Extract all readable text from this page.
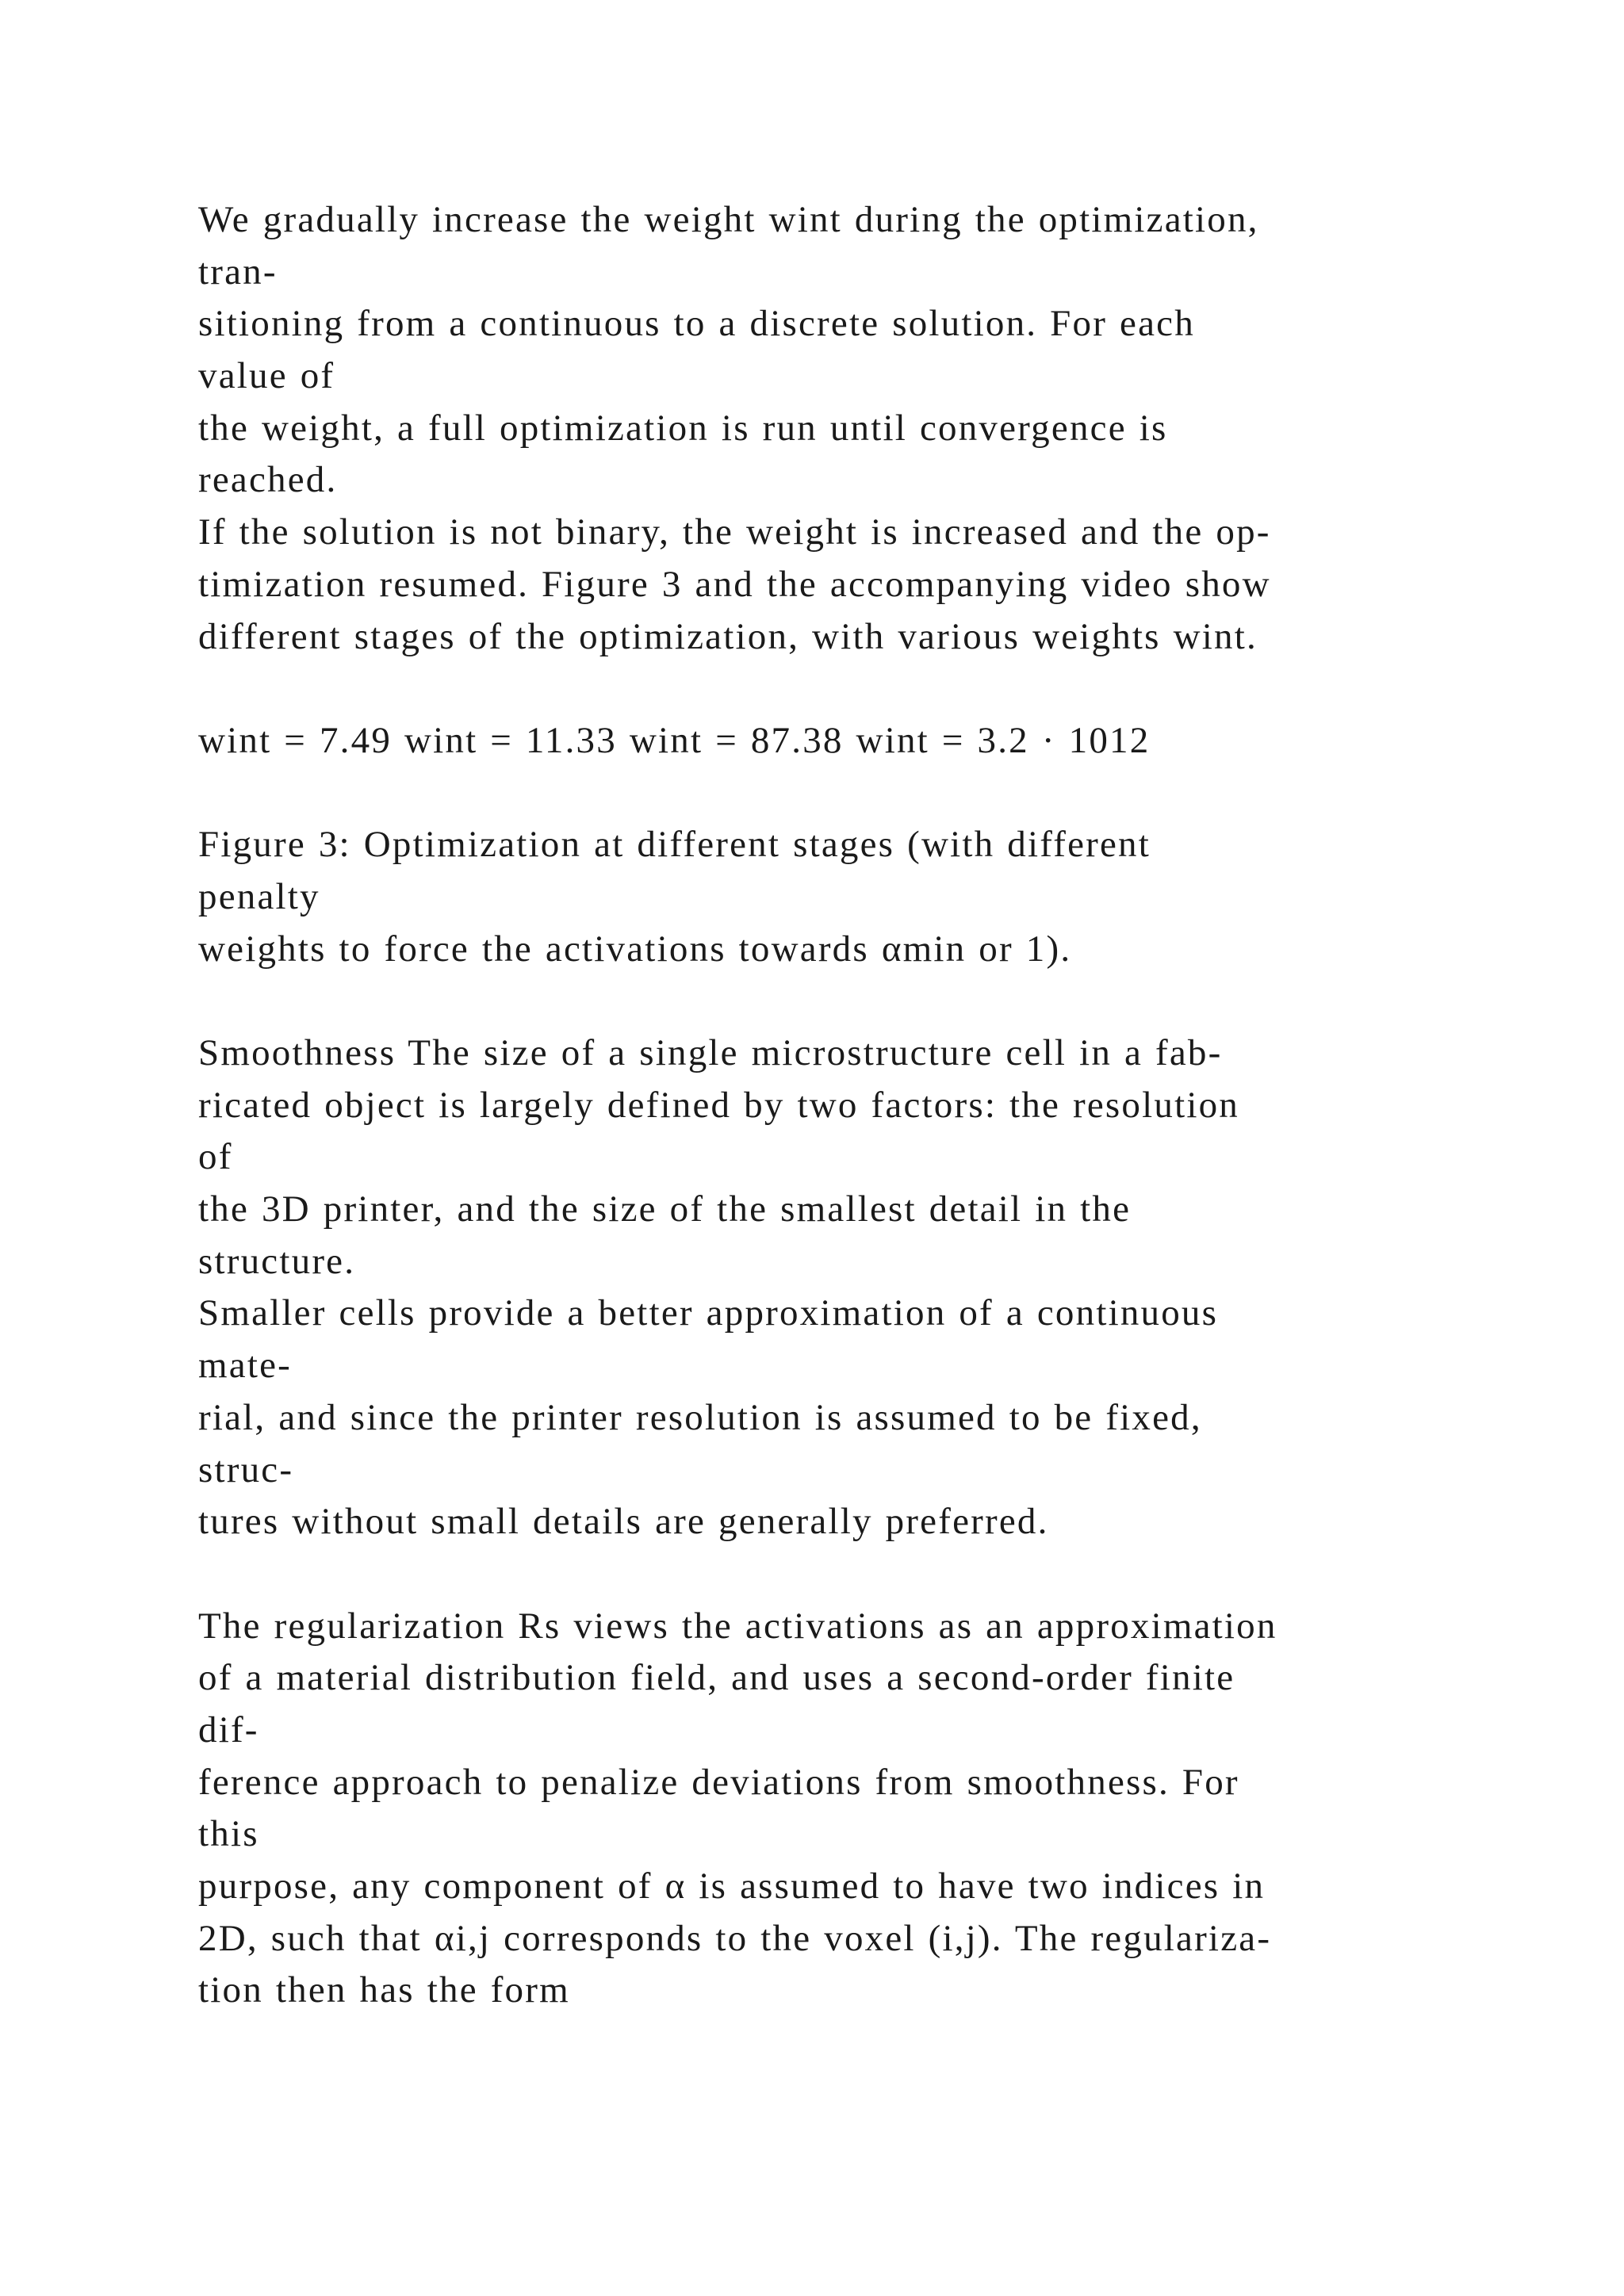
We gradually increase the weight wint during the optimization,
tran-
sitioning from a continuous to a discrete solution. For each
value of
the weight, a full optimization is run until convergence is
reached.
If the solution is not binary, the weight is increased and the op-
timization resumed. Figure 3 and the accompanying video show
different stages of the optimization, with various weights wint.
wint = 7.49 wint = 11.33 wint = 87.38 wint = 3.2 · 1012
Figure 3: Optimization at different stages (with different
penalty
weights to force the activations towards αmin or 1).
Smoothness The size of a single microstructure cell in a fab-
ricated object is largely defined by two factors: the resolution
of
the 3D printer, and the size of the smallest detail in the
structure.
Smaller cells provide a better approximation of a continuous
mate-
rial, and since the printer resolution is assumed to be fixed,
struc-
tures without small details are generally preferred.
The regularization Rs views the activations as an approximation
of a material distribution field, and uses a second-order finite
dif-
ference approach to penalize deviations from smoothness. For
this
purpose, any component of α is assumed to have two indices in
2D, such that αi,j corresponds to the voxel (i,j). The regulariza-
tion then has the form
